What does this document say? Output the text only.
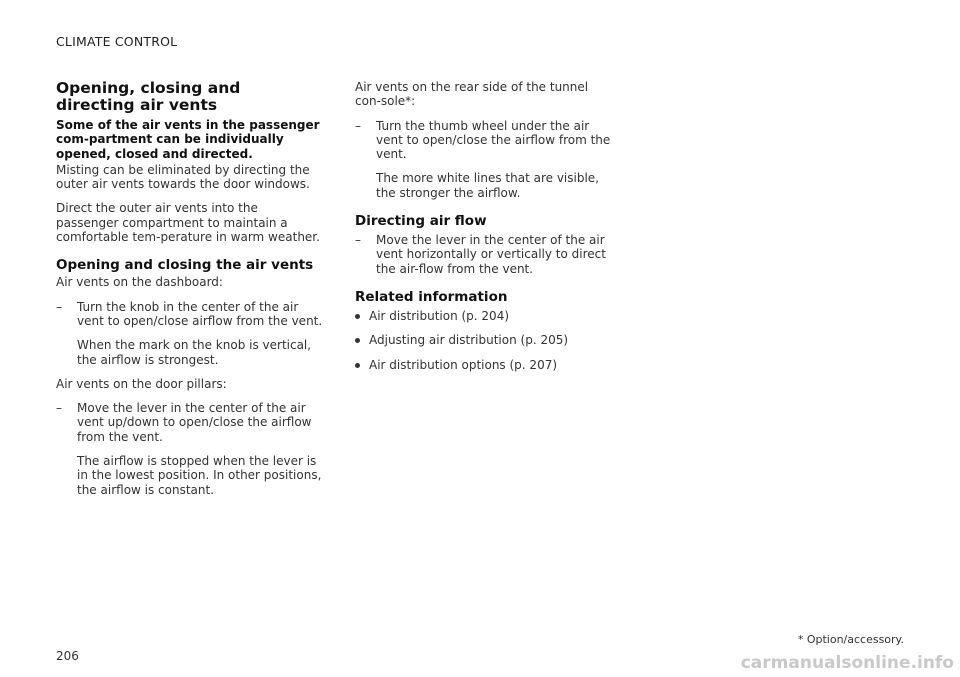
CLIMATE CONTROL
Opening, closing and directing air vents
Some of the air vents in the passenger com-partment can be individually opened, closed and directed.

Misting can be eliminated by directing the outer air vents towards the door windows.

Direct the outer air vents into the passenger compartment to maintain a comfortable tem-perature in warm weather.

Opening and closing the air vents

Air vents on the dashboard:

– Turn the knob in the center of the air vent to open/close airflow from the vent.
When the mark on the knob is vertical, the airflow is strongest.

Air vents on the door pillars:

– Move the lever in the center of the air vent up/down to open/close the airflow from the vent.
The airflow is stopped when the lever is in the lowest position. In other positions, the airflow is constant.

Air vents on the rear side of the tunnel con-sole*:

– Turn the thumb wheel under the air vent to open/close the airflow from the vent.
The more white lines that are visible, the stronger the airflow.
Directing air flow
– Move the lever in the center of the air vent horizontally or vertically to direct the air-flow from the vent.
Related information
Air distribution (p. 204)
Adjusting air distribution (p. 205)
Air distribution options (p. 207)
* Option/accessory.
206	carmanualsonline.info
